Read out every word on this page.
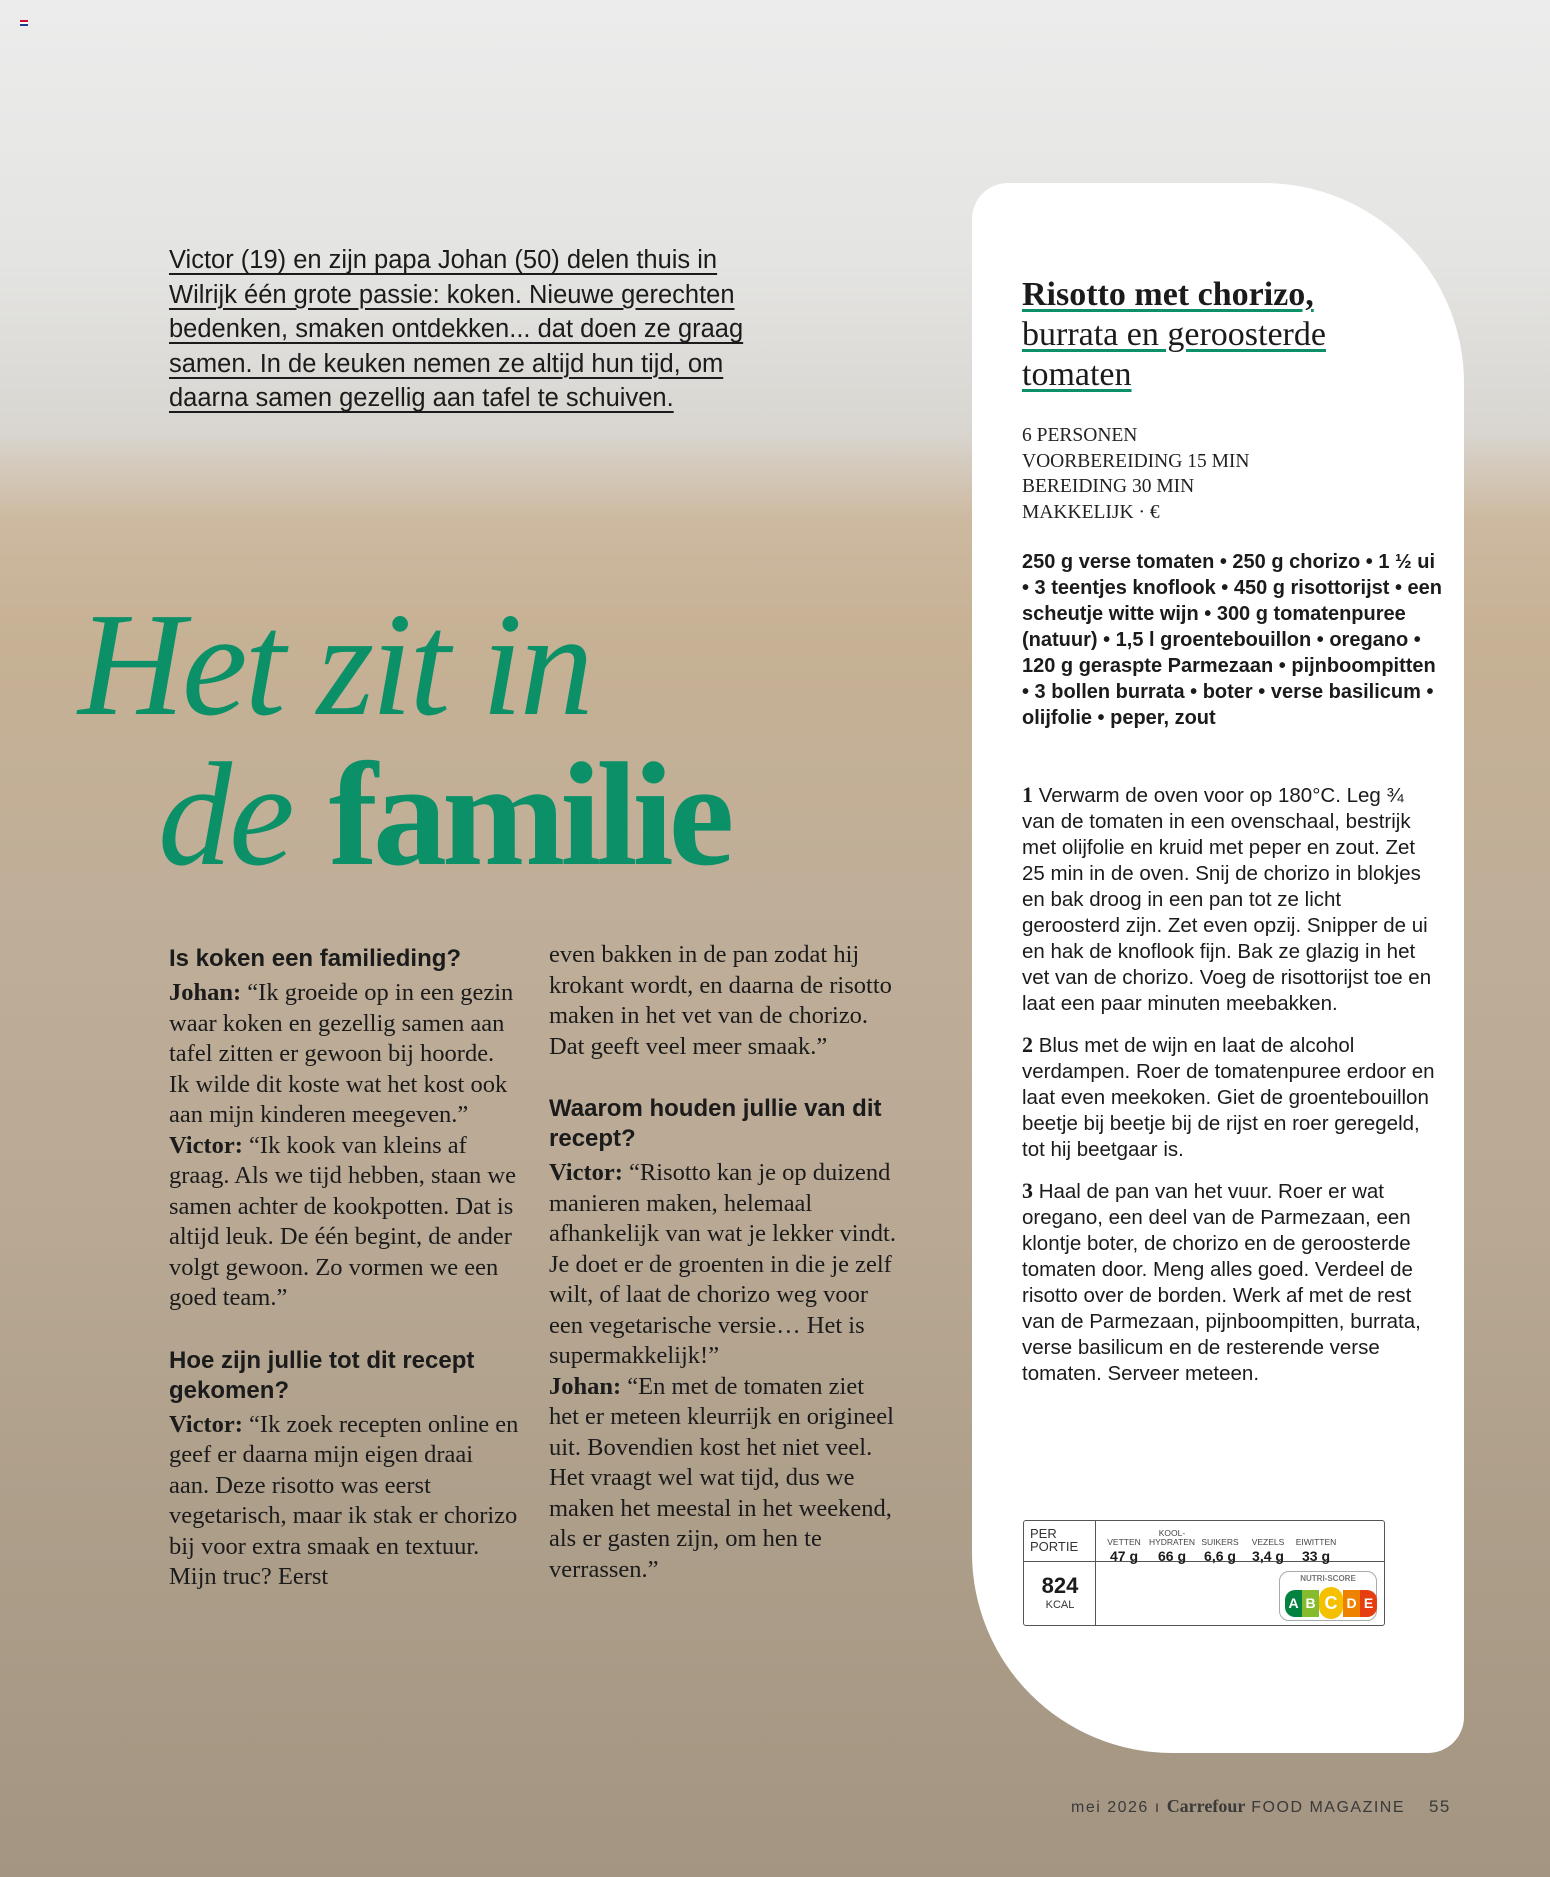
Victor (19) en zijn papa Johan (50) delen thuis in
Wilrijk één grote passie: koken. Nieuwe gerechten
bedenken, smaken ontdekken... dat doen ze graag
samen. In de keuken nemen ze altijd hun tijd, om
daarna samen gezellig aan tafel te schuiven.
Het zit in
de familie
Is koken een familieding?
Johan: “Ik groeide op in een gezin waar koken en gezellig samen aan tafel zitten er gewoon bij hoorde. Ik wilde dit koste wat het kost ook aan mijn kinderen meegeven.”
Victor: “Ik kook van kleins af graag. Als we tijd hebben, staan we samen achter de kookpotten. Dat is altijd leuk. De één begint, de ander volgt gewoon. Zo vormen we een goed team.”
Hoe zijn jullie tot dit recept gekomen?
Victor: “Ik zoek recepten online en geef er daarna mijn eigen draai aan. Deze risotto was eerst vegetarisch, maar ik stak er chorizo bij voor extra smaak en textuur. Mijn truc? Eerst
even bakken in de pan zodat hij krokant wordt, en daarna de risotto maken in het vet van de chorizo. Dat geeft veel meer smaak.”
Waarom houden jullie van dit recept?
Victor: “Risotto kan je op duizend manieren maken, helemaal afhankelijk van wat je lekker vindt. Je doet er de groenten in die je zelf wilt, of laat de chorizo weg voor een vegetarische versie… Het is supermakkelijk!”
Johan: “En met de tomaten ziet het er meteen kleurrijk en origineel uit. Bovendien kost het niet veel. Het vraagt wel wat tijd, dus we maken het meestal in het weekend, als er gasten zijn, om hen te verrassen.”
Risotto met chorizo,
burrata en geroosterde
tomaten
6 PERSONEN
VOORBEREIDING 15 MIN
BEREIDING 30 MIN
MAKKELIJK · €
250 g verse tomaten • 250 g chorizo • 1 ½ ui • 3 teentjes knoflook • 450 g risottorijst • een scheutje witte wijn • 300 g tomatenpuree (natuur) • 1,5 l groentebouillon • oregano • 120 g geraspte Parmezaan • pijnboompitten • 3 bollen burrata • boter • verse basilicum • olijfolie • peper, zout
1 Verwarm de oven voor op 180°C. Leg ¾ van de tomaten in een ovenschaal, bestrijk met olijfolie en kruid met peper en zout. Zet 25 min in de oven. Snij de chorizo in blokjes en bak droog in een pan tot ze licht geroosterd zijn. Zet even opzij. Snipper de ui en hak de knoflook fijn. Bak ze glazig in het vet van de chorizo. Voeg de risottorijst toe en laat een paar minuten meebakken.
2 Blus met de wijn en laat de alcohol verdampen. Roer de tomatenpuree erdoor en laat even meekoken. Giet de groentebouillon beetje bij beetje bij de rijst en roer geregeld, tot hij beetgaar is.
3 Haal de pan van het vuur. Roer er wat oregano, een deel van de Parmezaan, een klontje boter, de chorizo en de geroosterde tomaten door. Meng alles goed. Verdeel de risotto over de borden. Werk af met de rest van de Parmezaan, pijnboompitten, burrata, verse basilicum en de resterende verse tomaten. Serveer meteen.
PER
PORTIE
824
KCAL
VETTEN
47 g
KOOL-HYDRATEN
66 g
SUIKERS
6,6 g
VEZELS
3,4 g
EIWITTEN
33 g
NUTRI-SCORE
A B C D E
mei 2026 ı Carrefour FOOD MAGAZINE 55
